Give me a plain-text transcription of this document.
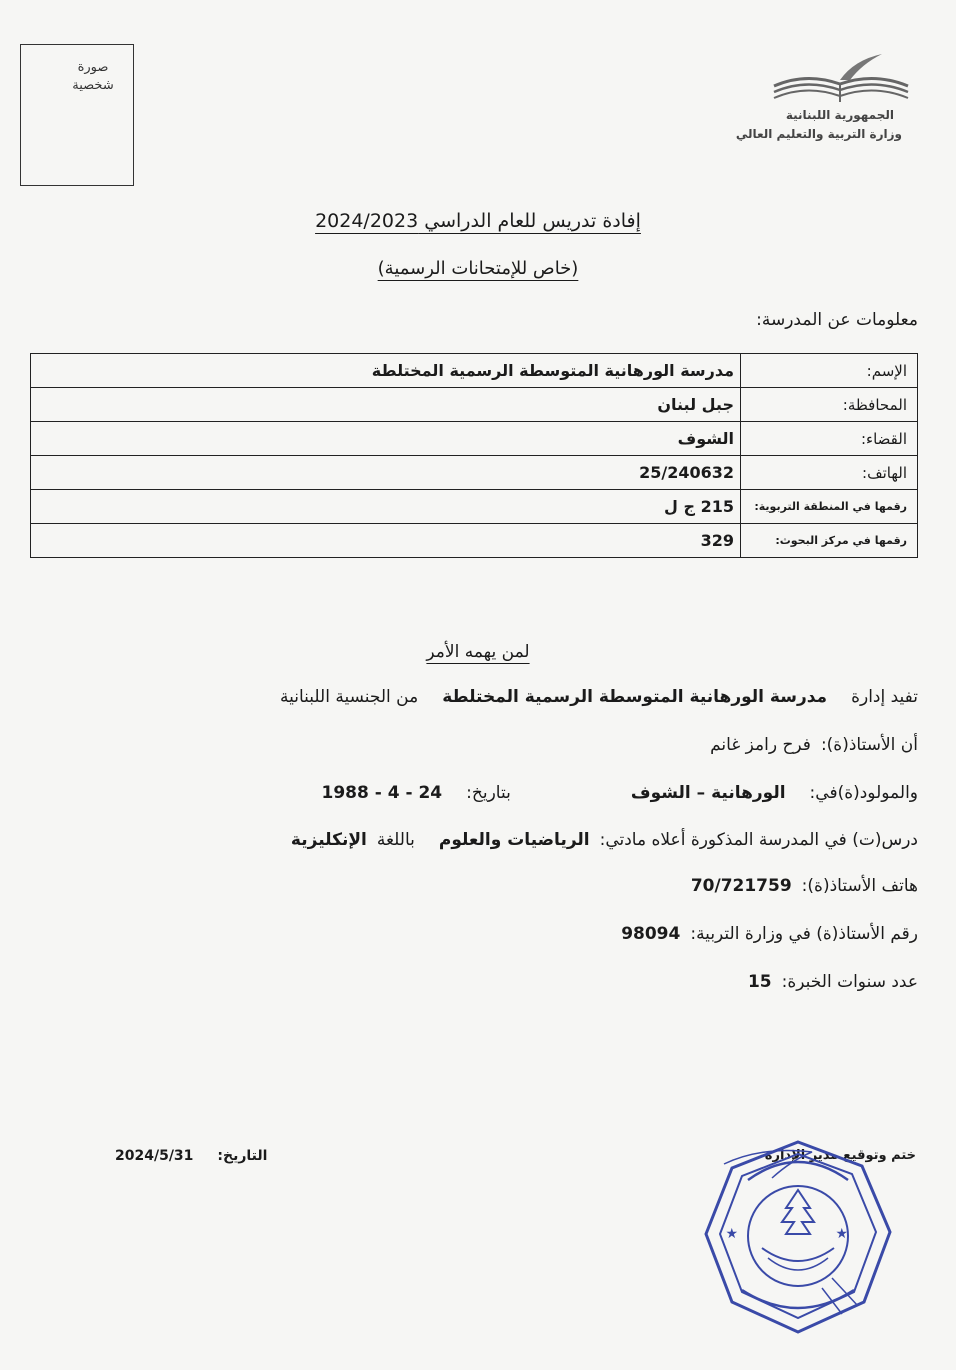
صورة شخصية
الجمهورية اللبنانية
وزارة التربية والتعليم العالي
إفادة تدريس للعام الدراسي 2024/2023
(خاص للإمتحانات الرسمية)
معلومات عن المدرسة:
الإسم:	مدرسة الورهانية المتوسطة الرسمية المختلطة
المحافظة:	جبل لبنان
القضاء:	الشوف
الهاتف:	25/240632
رقمها في المنطقة التربوية:	215 ج ل
رقمها في مركز البحوث:	329
لمن يهمه الأمر
تفيد إدارةمدرسة الورهانية المتوسطة الرسمية المختلطةمن الجنسية اللبنانية
أن الأستاذ(ة):فرح رامز غانم
والمولود(ة)في:الورهانية – الشوفبتاريخ:24 - 4 - 1988
درس(ت) في المدرسة المذكورة أعلاه مادتي:الرياضيات والعلومباللغةالإنكليزية
هاتف الأستاذ(ة):70/721759
رقم الأستاذ(ة) في وزارة التربية:98094
عدد سنوات الخبرة:15
ختم وتوقيع مدير الإدارة
التاريخ:2024/5/31
★	★
